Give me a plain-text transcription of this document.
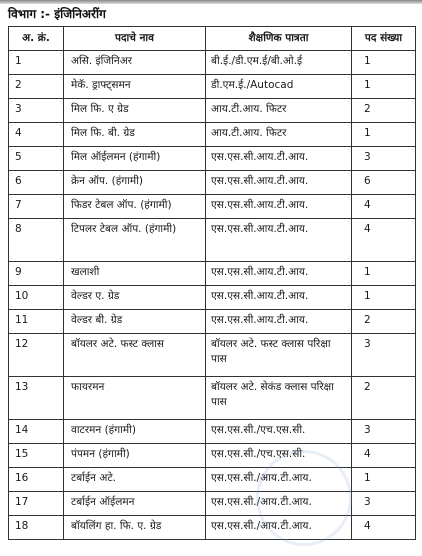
विभाग :- इंजिनिअरींग
अ. क्रं.	पदाचे नाव	शैक्षणिक पात्रता	पद संख्या
1	असि. इंजिनिअर	बी.ई./डी.एम.ई/बी.ओ.ई	1
2	मेकॅ. ड्राफ्ट्समन	डी.एम.ई./Autocad	1
3	मिल फि. ए ग्रेड	आय.टी.आय. फिटर	2
4	मिल फि. बी. ग्रेड	आय.टी.आय. फिटर	1
5	मिल ऑईलमन (हंगामी)	एस.एस.सी.आय.टी.आय.	3
6	क्रेन ऑप. (हंगामी)	एस.एस.सी.आय.टी.आय.	6
7	फिडर टेबल ऑप. (हंगामी)	एस.एस.सी.आय.टी.आय.	4
8	टिपलर टेबल ऑप. (हंगामी)	एस.एस.सी.आय.टी.आय.	4
9	खलाशी	एस.एस.सी.आय.टी.आय.	1
10	वेल्डर ए. ग्रेड	एस.एस.सी.आय.टी.आय.	1
11	वेल्डर बी. ग्रेड	एस.एस.सी.आय.टी.आय.	2
12	बॉयलर अटे. फस्ट क्लास	बॉयलर अटे. फस्ट क्लास परिक्षा पास	3
13	फायरमन	बॉयलर अटे. सेकंड क्लास परिक्षा पास	2
14	वाटरमन (हंगामी)	एस.एस.सी./एच.एस.सी.	3
15	पंपमन (हंगामी)	एस.एस.सी./एच.एस.सी.	4
16	टर्बाईन अटे.	एस.एस.सी./आय.टी.आय.	1
17	टर्बाईन ऑईलमन	एस.एस.सी./आय.टी.आय.	3
18	बॉयलिंग हा. फि. ए. ग्रेड	एस.एस.सी./आय.टी.आय.	4
